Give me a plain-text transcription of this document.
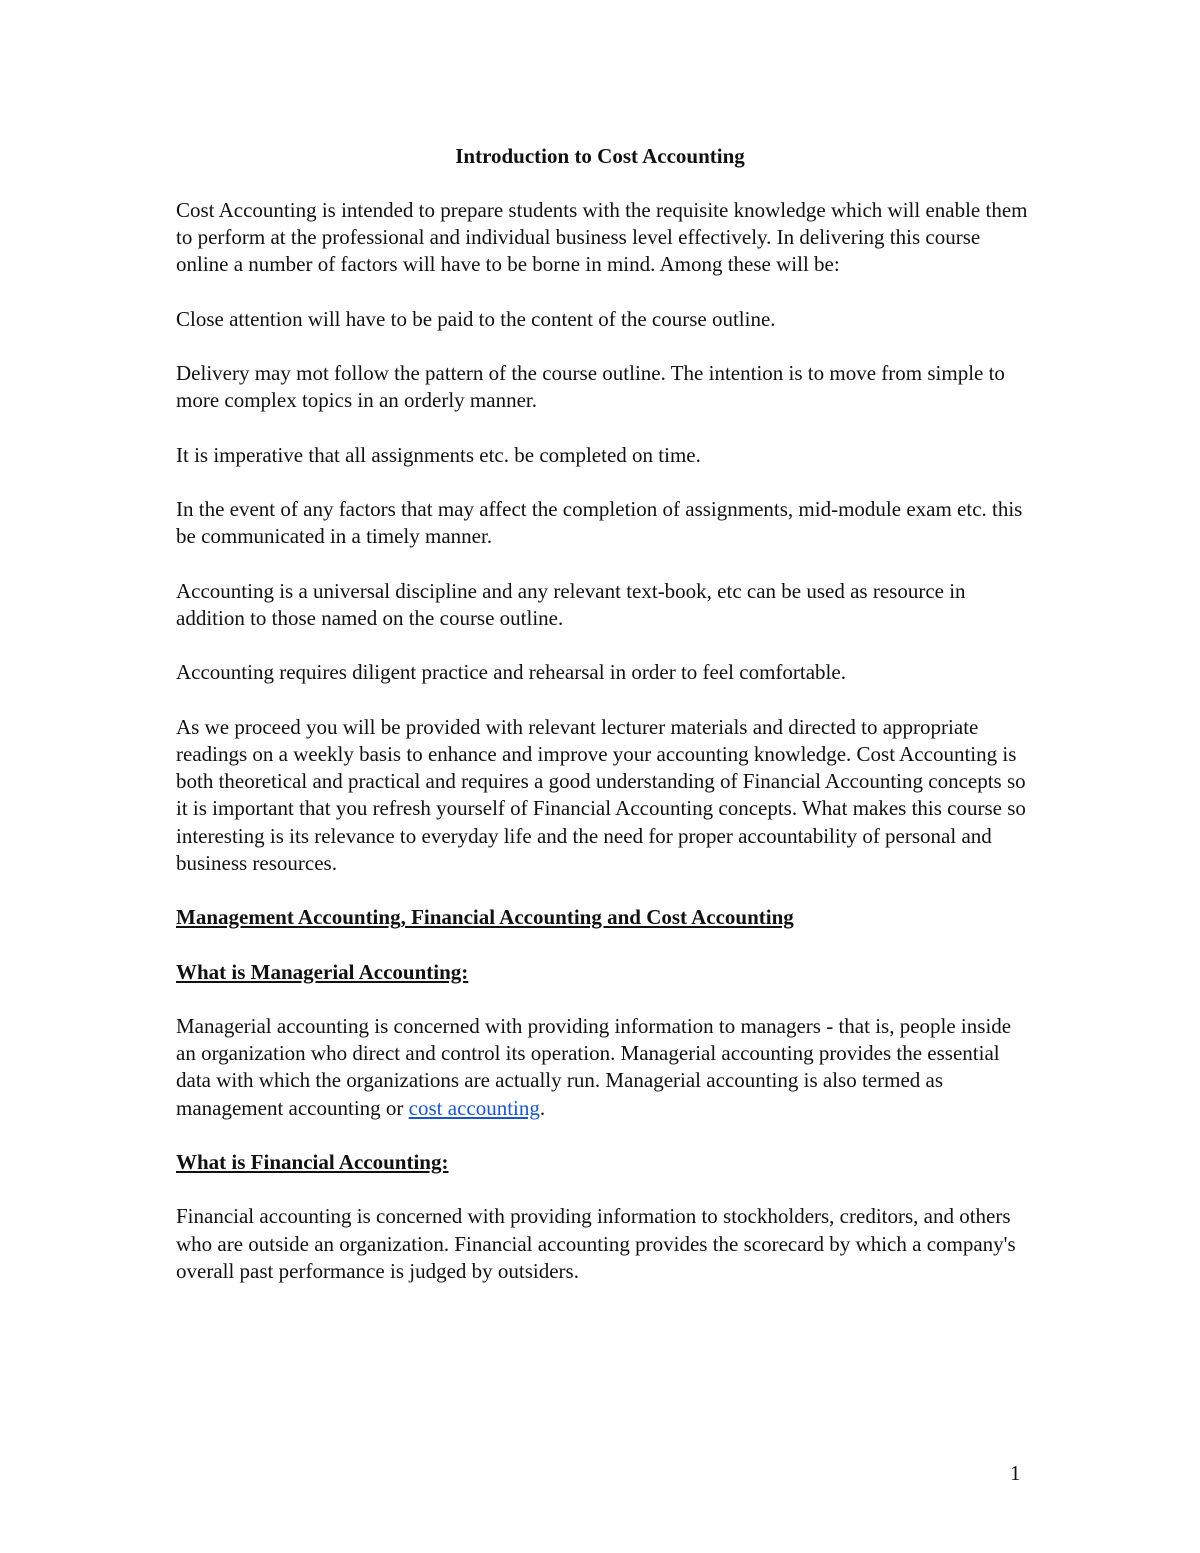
Introduction to Cost Accounting

Cost Accounting is intended to prepare students with the requisite knowledge which will enable them to perform at the professional and individual business level effectively. In delivering this course online a number of factors will have to be borne in mind. Among these will be:

Close attention will have to be paid to the content of the course outline.

Delivery may mot follow the pattern of the course outline. The intention is to move from simple to more complex topics in an orderly manner.

It is imperative that all assignments etc. be completed on time.

In the event of any factors that may affect the completion of assignments, mid-module exam etc. this be communicated in a timely manner.

Accounting is a universal discipline and any relevant text-book, etc can be used as resource in addition to those named on the course outline.

Accounting requires diligent practice and rehearsal in order to feel comfortable.

As we proceed you will be provided with relevant lecturer materials and directed to appropriate readings on a weekly basis to enhance and improve your accounting knowledge. Cost Accounting is both theoretical and practical and requires a good understanding of Financial Accounting concepts so it is important that you refresh yourself of Financial Accounting concepts. What makes this course so interesting is its relevance to everyday life and the need for proper accountability of personal and business resources.

Management Accounting, Financial Accounting and Cost Accounting

What is Managerial Accounting:

Managerial accounting is concerned with providing information to managers - that is, people inside an organization who direct and control its operation. Managerial accounting provides the essential data with which the organizations are actually run. Managerial accounting is also termed as management accounting or cost accounting.

What is Financial Accounting:

Financial accounting is concerned with providing information to stockholders, creditors, and others who are outside an organization. Financial accounting provides the scorecard by which a company's overall past performance is judged by outsiders.

1
